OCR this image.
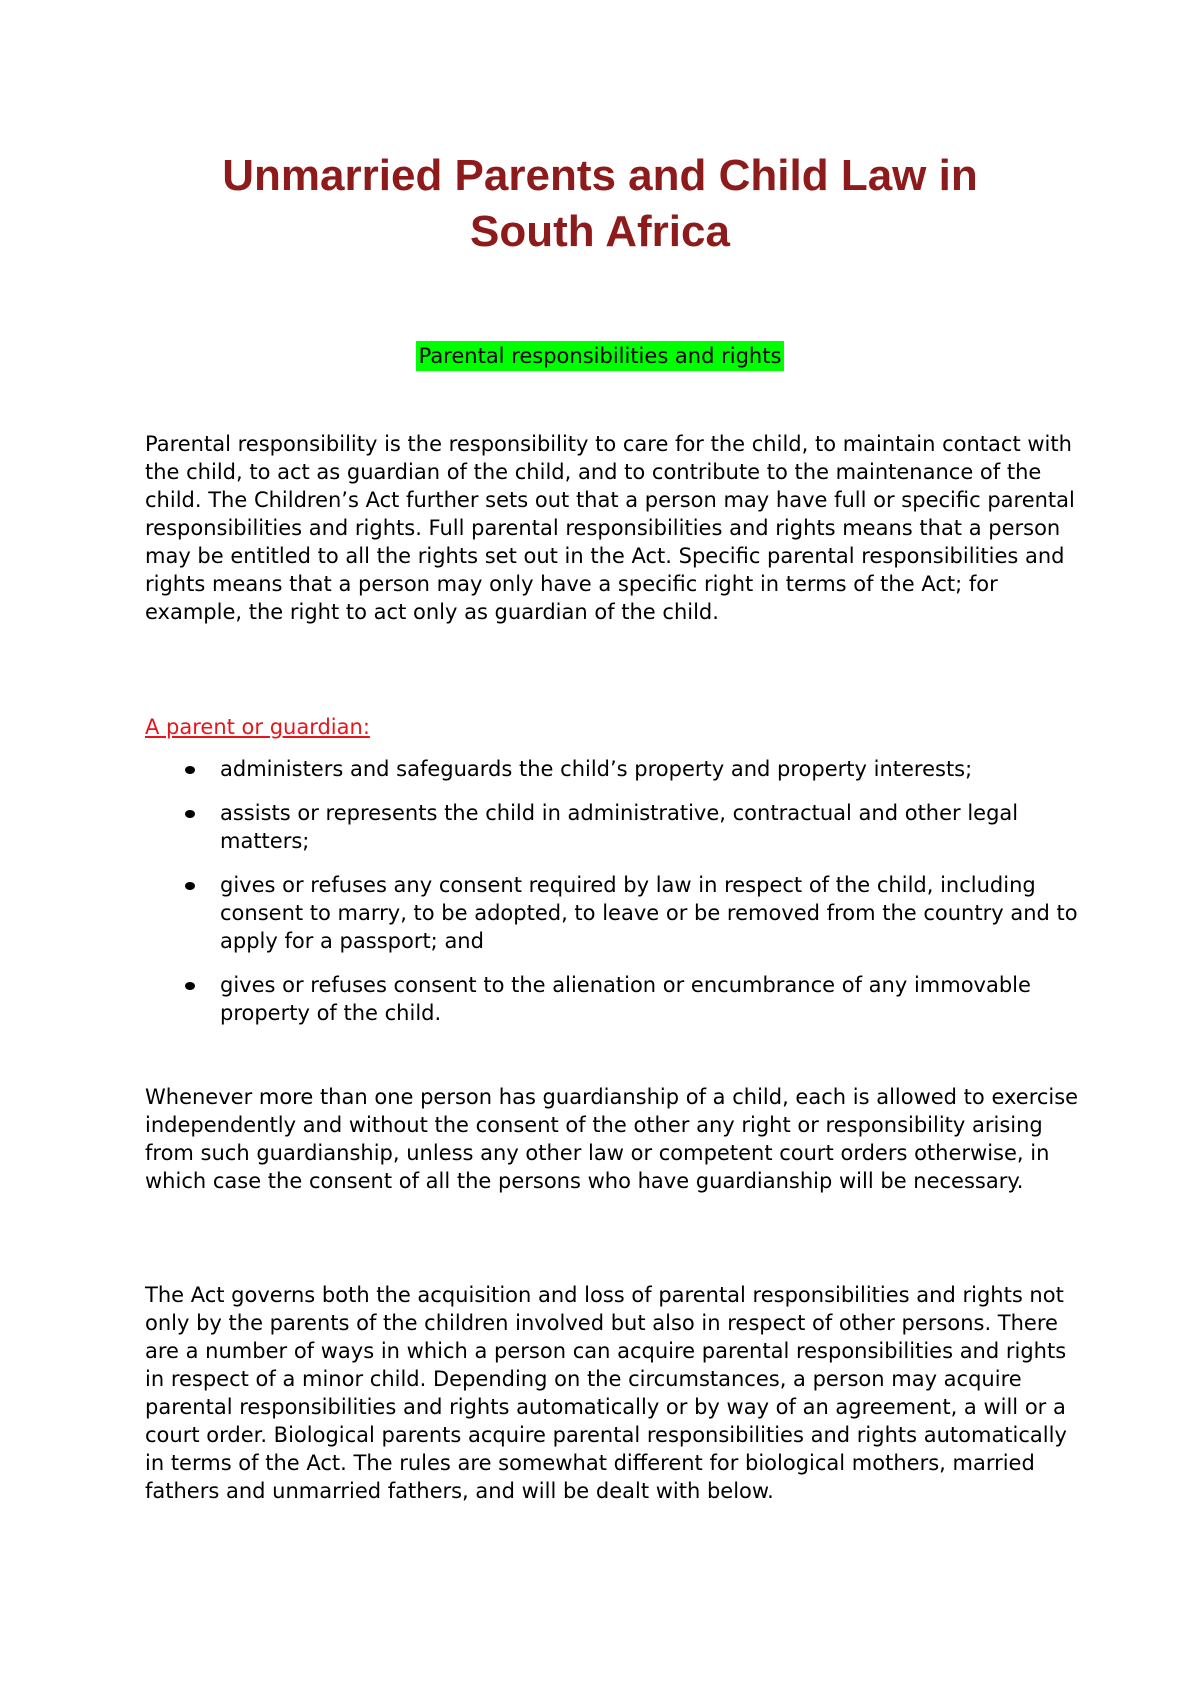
Unmarried Parents and Child Law in
South Africa
Parental responsibilities and rights

Parental responsibility is the responsibility to care for the child, to maintain contact with the child, to act as guardian of the child, and to contribute to the maintenance of the child. The Children’s Act further sets out that a person may have full or specific parental responsibilities and rights. Full parental responsibilities and rights means that a person may be entitled to all the rights set out in the Act. Specific parental responsibilities and rights means that a person may only have a specific right in terms of the Act; for example, the right to act only as guardian of the child.

A parent or guardian:

administers and safeguards the child’s property and property interests;
assists or represents the child in administrative, contractual and other legal matters;
gives or refuses any consent required by law in respect of the child, including consent to marry, to be adopted, to leave or be removed from the country and to apply for a passport; and
gives or refuses consent to the alienation or encumbrance of any immovable property of the child.

Whenever more than one person has guardianship of a child, each is allowed to exercise independently and without the consent of the other any right or responsibility arising from such guardianship, unless any other law or competent court orders otherwise, in which case the consent of all the persons who have guardianship will be necessary.

The Act governs both the acquisition and loss of parental responsibilities and rights not only by the parents of the children involved but also in respect of other persons. There are a number of ways in which a person can acquire parental responsibilities and rights in respect of a minor child. Depending on the circumstances, a person may acquire parental responsibilities and rights automatically or by way of an agreement, a will or a court order. Biological parents acquire parental responsibilities and rights automatically in terms of the Act. The rules are somewhat different for biological mothers, married fathers and unmarried fathers, and will be dealt with below.
